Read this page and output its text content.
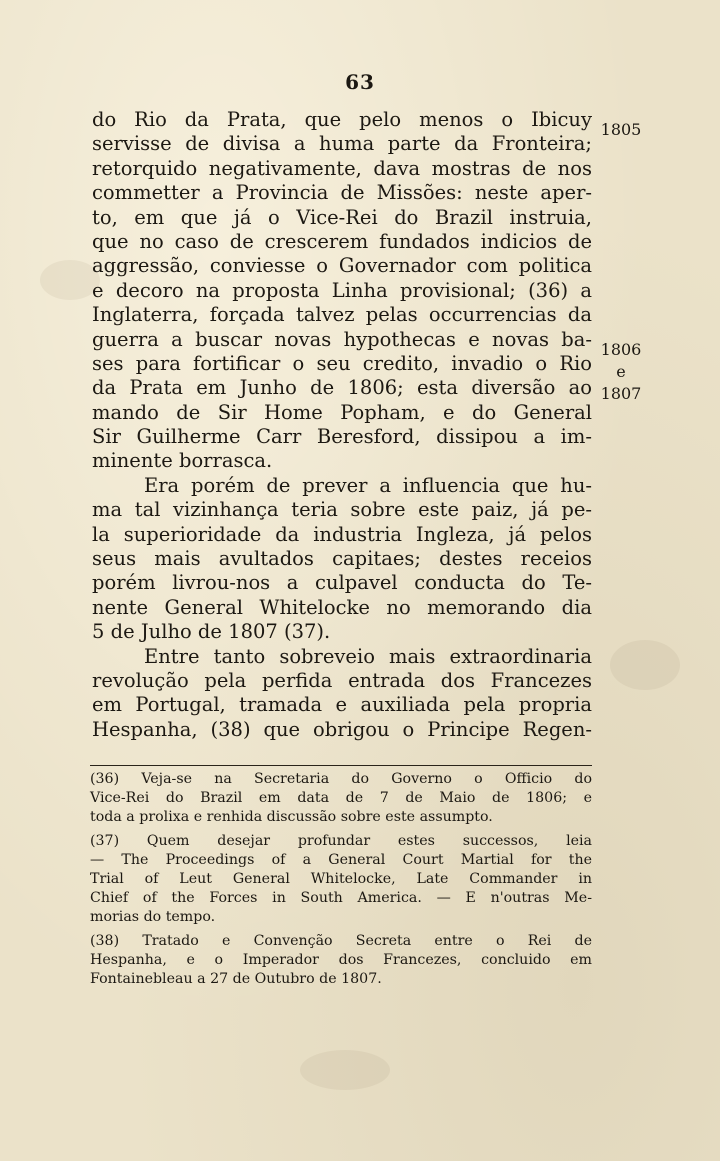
63
do Rio da Prata, que pelo menos o Ibicuy
servisse de divisa a huma parte da Fronteira;
retorquido negativamente, dava mostras de nos
commetter a Provincia de Missões: neste aper-
to, em que já o Vice-Rei do Brazil instruia,
que no caso de crescerem fundados indicios de
aggressão, conviesse o Governador com politica
e decoro na proposta Linha provisional; (36) a
Inglaterra, forçada talvez pelas occurrencias da
guerra a buscar novas hypothecas e novas ba-
ses para fortificar o seu credito, invadio o Rio
da Prata em Junho de 1806; esta diversão ao
mando de Sir Home Popham, e do General
Sir Guilherme Carr Beresford, dissipou a im-
minente borrasca.
Era porém de prever a influencia que hu-
ma tal vizinhança teria sobre este paiz, já pe-
la superioridade da industria Ingleza, já pelos
seus mais avultados capitaes; destes receios
porém livrou-nos a culpavel conducta do Te-
nente General Whitelocke no memorando dia
5 de Julho de 1807 (37).
Entre tanto sobreveio mais extraordinaria
revolução pela perfida entrada dos Francezes
em Portugal, tramada e auxiliada pela propria
Hespanha, (38) que obrigou o Principe Regen-
1805
1806
e
1807
(36) Veja-se na Secretaria do Governo o Officio do
Vice-Rei do Brazil em data de 7 de Maio de 1806; e
toda a prolixa e renhida discussão sobre este assumpto.
(37) Quem desejar profundar estes successos, leia
— The Proceedings of a General Court Martial for the
Trial of Leut General Whitelocke, Late Commander in
Chief of the Forces in South America. — E n'outras Me-
morias do tempo.
(38) Tratado e Convenção Secreta entre o Rei de
Hespanha, e o Imperador dos Francezes, concluido em
Fontainebleau a 27 de Outubro de 1807.
